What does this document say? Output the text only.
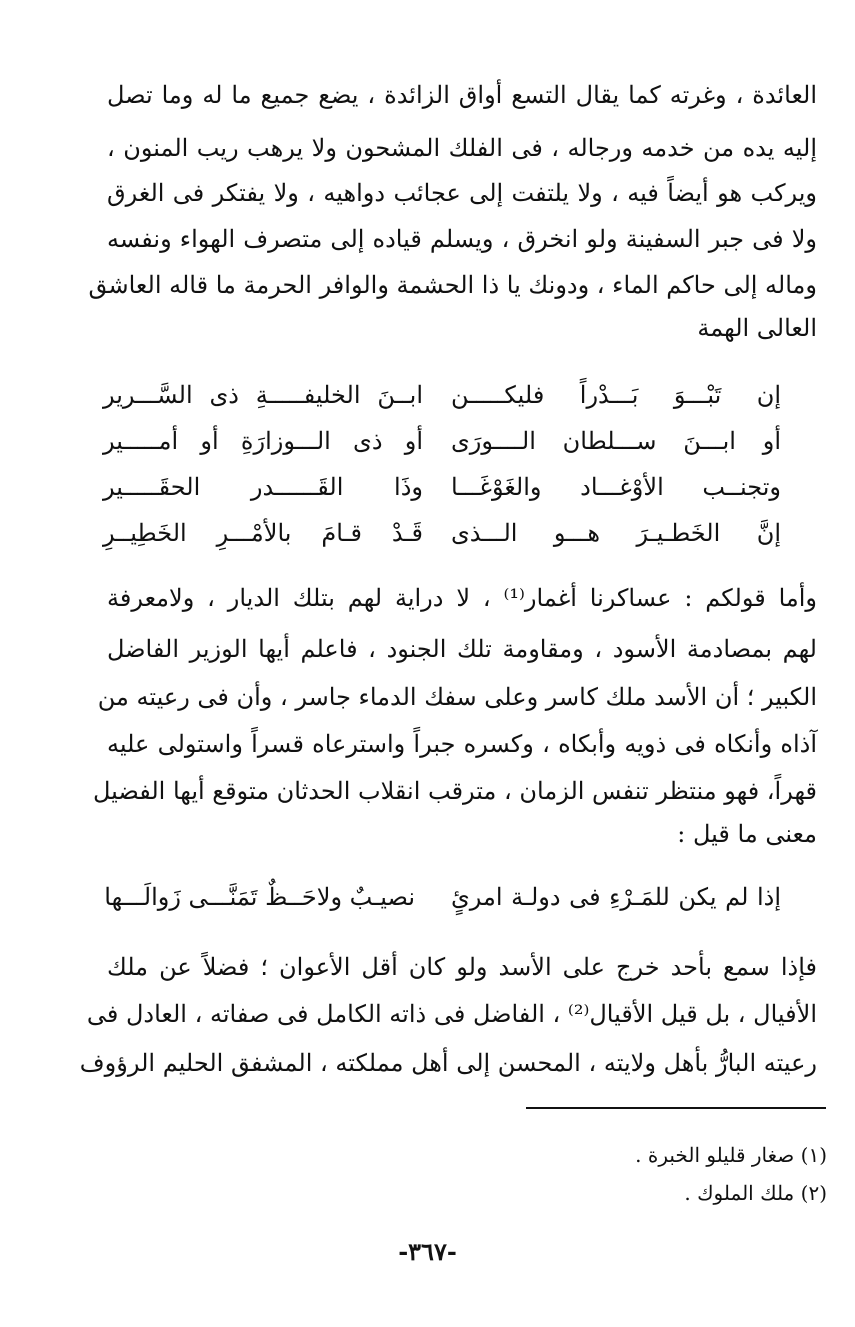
العائدة ، وغرته كما يقال التسع أواق الزائدة ، يضع جميع ما له وما تصل
إليه يده من خدمه ورجاله ، فى الفلك المشحون ولا يرهب ريب المنون ،
ويركب هو أيضاً فيه ، ولا يلتفت إلى عجائب دواهيه ، ولا يفتكر فى الغرق
ولا فى جبر السفينة ولو انخرق ، ويسلم قياده إلى متصرف الهواء ونفسه
وماله إلى حاكم الماء ، ودونك يا ذا الحشمة والوافر الحرمة ما قاله العاشق
العالى الهمة
إن تَبْـــوَ بَـــدْراً فليكـــــن
ابــنَ الخليفـــــةِ ذى السَّـــرير
أو ابـــنَ ســـلطان الــــورَى
أو ذى الـــوزارَةِ أو أمـــــير
وتجنــب الأوْغـــاد والغَوْغَـــا
وذَا القَــــــدر الحقَـــــير
إنَّ الخَطـيـرَ هـــو الـــذى
قَـدْ قـامَ بالأمْـــرِ الخَطِيــرِ
وأما قولكم : عساكرنا أغمار⁽¹⁾ ، لا دراية لهم بتلك الديار ، ولامعرفة
لهم بمصادمة الأسود ، ومقاومة تلك الجنود ، فاعلم أيها الوزير الفاضل
الكبير ؛ أن الأسد ملك كاسر وعلى سفك الدماء جاسر ، وأن فى رعيته من
آذاه وأنكاه فى ذويه وأبكاه ، وكسره جبراً واسترعاه قسراً واستولى عليه
قهراً، فهو منتظر تنفس الزمان ، مترقب انقلاب الحدثان متوقع أيها الفضيل
معنى ما قيل :
إذا لم يكن للمَـرْءِ فى دولـة امرئٍ
نصيـبٌ ولاحَــظٌ تَمَنَّـــى زَوالَـــها
فإذا سمع بأحد خرج على الأسد ولو كان أقل الأعوان ؛ فضلاً عن ملك
الأفيال ، بل قيل الأقيال⁽²⁾ ، الفاضل فى ذاته الكامل فى صفاته ، العادل فى
رعيته البارُّ بأهل ولايته ، المحسن إلى أهل مملكته ، المشفق الحليم الرؤوف
(١) صغار قليلو الخبرة .
(٢) ملك الملوك .
-٣٦٧-
